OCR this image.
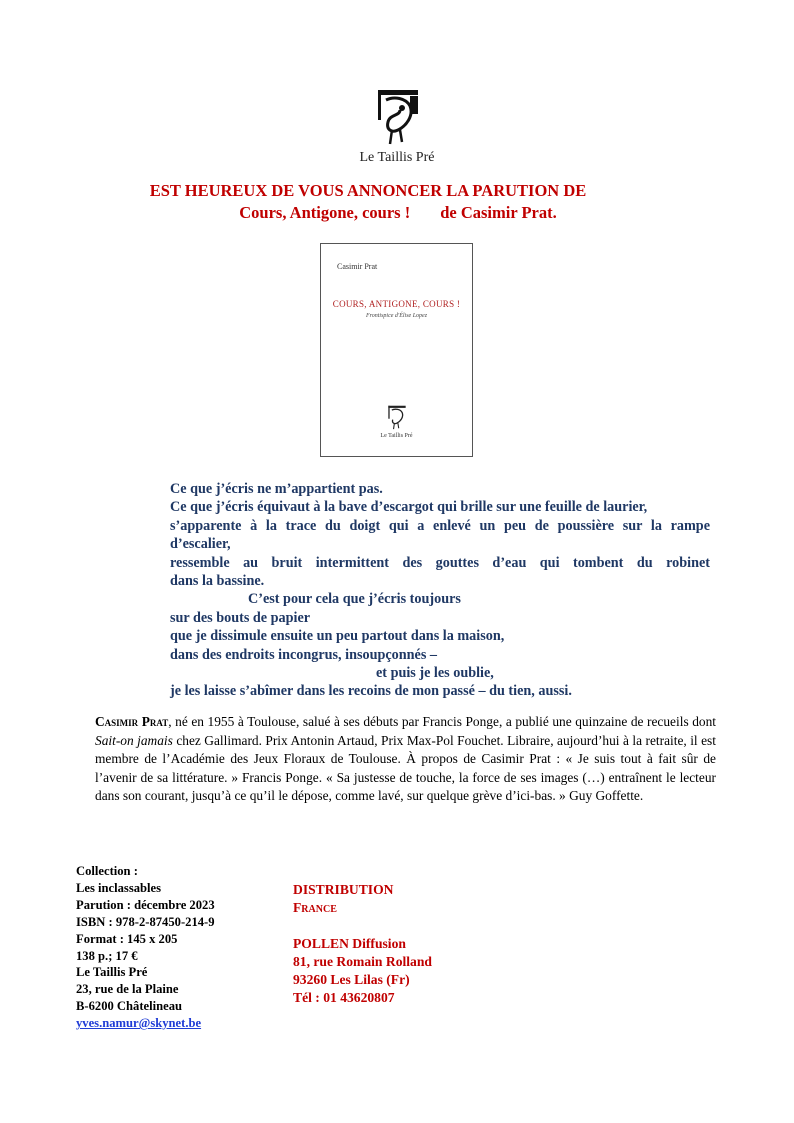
Le Taillis Pré
EST HEUREUX DE VOUS ANNONCER LA PARUTION DE
Cours, Antigone, cours ! de Casimir Prat.
Casimir Prat
COURS, ANTIGONE, COURS !
Frontispice d'Élise Lopez
Le Taillis Pré
Ce que j’écris ne m’appartient pas.
Ce que j’écris équivaut à la bave d’escargot qui brille sur une feuille de laurier,
s’apparente à la trace du doigt qui a enlevé un peu de poussière sur la rampe
d’escalier,
ressemble au bruit intermittent des gouttes d’eau qui tombent du robinet
dans la bassine.
C’est pour cela que j’écris toujours
sur des bouts de papier
que je dissimule ensuite un peu partout dans la maison,
dans des endroits incongrus, insoupçonnés –
et puis je les oublie,
je les laisse s’abîmer dans les recoins de mon passé – du tien, aussi.
Casimir Prat, né en 1955 à Toulouse, salué à ses débuts par Francis Ponge, a publié une quinzaine de recueils dont Sait-on jamais chez Gallimard. Prix Antonin Artaud, Prix Max-Pol Fouchet. Libraire, aujourd’hui à la retraite, il est membre de l’Académie des Jeux Floraux de Toulouse. À propos de Casimir Prat : « Je suis tout à fait sûr de l’avenir de sa littérature. » Francis Ponge. « Sa justesse de touche, la force de ses images (…) entraînent le lecteur dans son courant, jusqu’à ce qu’il le dépose, comme lavé, sur quelque grève d’ici-bas. » Guy Goffette.
Collection :
Les inclassables
Parution : décembre 2023
ISBN : 978-2-87450-214-9
Format : 145 x 205
138 p.; 17 €
Le Taillis Pré
23, rue de la Plaine
B-6200 Châtelineau
yves.namur@skynet.be
DISTRIBUTION
France
POLLEN Diffusion
81, rue Romain Rolland
93260 Les Lilas (Fr)
Tél : 01 43620807
